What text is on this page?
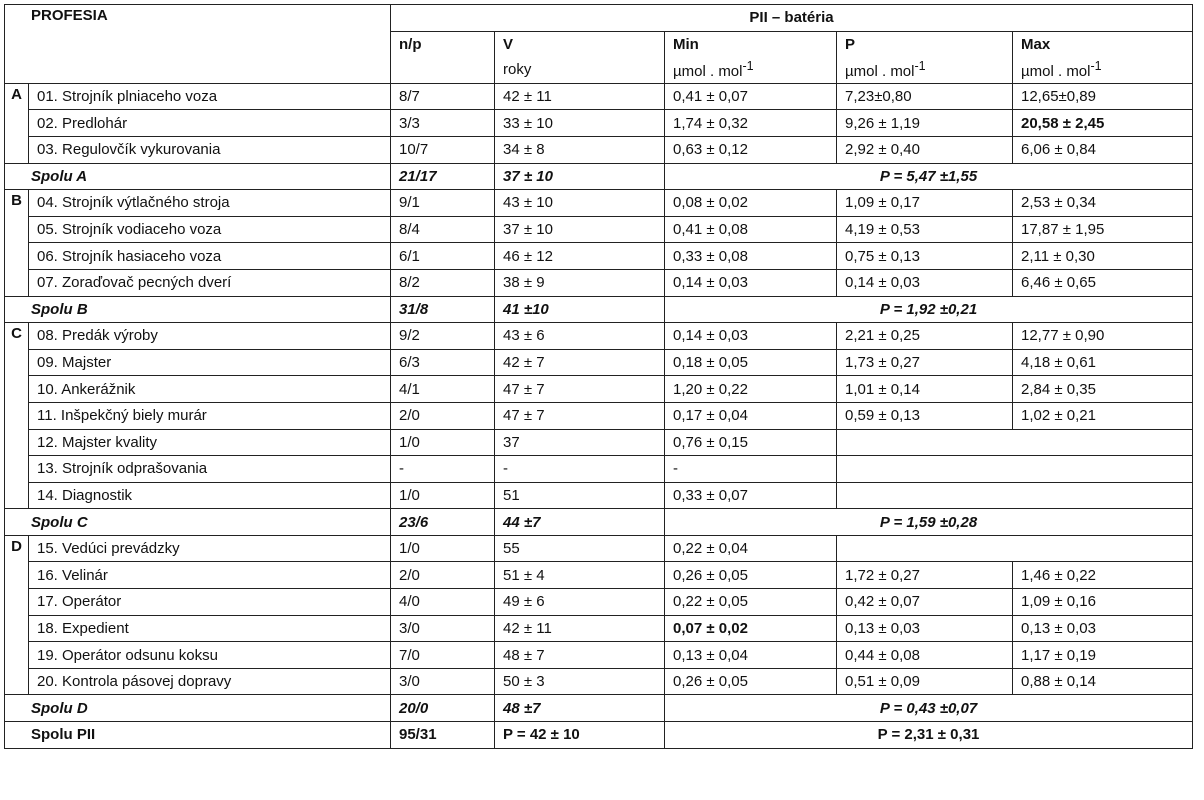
PROFESIA		PII – batéria				
		n/p	V	Min	P	Max
			roky	µmol . mol$^{-1}$	µmol . mol$^{-1}$	µmol . mol$^{-1}$
A	01. Strojník plniaceho voza	8/7	42 ± 11	0,41 ± 0,07	7,23±0,80	12,65±0,89
	02. Predlohár	3/3	33 ± 10	1,74 ± 0,32	9,26 ± 1,19	20,58 ± 2,45
	03. Regulovčík vykurovania	10/7	34 ± 8	0,63 ± 0,12	2,92 ± 0,40	6,06 ± 0,84
Spolu A		21/17	37 ± 10	P = 5,47 ±1,55		
B	04. Strojník výtlačného stroja	9/1	43 ± 10	0,08 ± 0,02	1,09 ± 0,17	2,53 ± 0,34
	05. Strojník vodiaceho voza	8/4	37 ± 10	0,41 ± 0,08	4,19 ± 0,53	17,87 ± 1,95
	06. Strojník hasiaceho voza	6/1	46 ± 12	0,33 ± 0,08	0,75 ± 0,13	2,11 ± 0,30
	07. Zoraďovač pecných dverí	8/2	38 ± 9	0,14 ± 0,03	0,14 ± 0,03	6,46 ± 0,65
Spolu B		31/8	41 ±10	P = 1,92 ±0,21		
C	08. Predák výroby	9/2	43 ± 6	0,14 ± 0,03	2,21 ± 0,25	12,77 ± 0,90
	09. Majster	6/3	42 ± 7	0,18 ± 0,05	1,73 ± 0,27	4,18 ± 0,61
	10. Ankerážnik	4/1	47 ± 7	1,20 ± 0,22	1,01 ± 0,14	2,84 ± 0,35
	11. Inšpekčný biely murár	2/0	47 ± 7	0,17 ± 0,04	0,59 ± 0,13	1,02 ± 0,21
	12. Majster kvality	1/0	37	0,76 ± 0,15		
	13. Strojník odprašovania	-	-	-		
	14. Diagnostik	1/0	51	0,33 ± 0,07		
Spolu C		23/6	44 ±7	P = 1,59 ±0,28		
D	15. Vedúci prevádzky	1/0	55	0,22 ± 0,04		
	16. Velinár	2/0	51 ± 4	0,26 ± 0,05	1,72 ± 0,27	1,46 ± 0,22
	17. Operátor	4/0	49 ± 6	0,22 ± 0,05	0,42 ± 0,07	1,09 ± 0,16
	18. Expedient	3/0	42 ± 11	0,07 ± 0,02	0,13 ± 0,03	0,13 ± 0,03
	19. Operátor odsunu koksu	7/0	48 ± 7	0,13 ± 0,04	0,44 ± 0,08	1,17 ± 0,19
	20. Kontrola pásovej dopravy	3/0	50 ± 3	0,26 ± 0,05	0,51 ± 0,09	0,88 ± 0,14
Spolu D		20/0	48 ±7	P = 0,43 ±0,07		
Spolu PII		95/31	P = 42 ± 10	P = 2,31 ± 0,31		
